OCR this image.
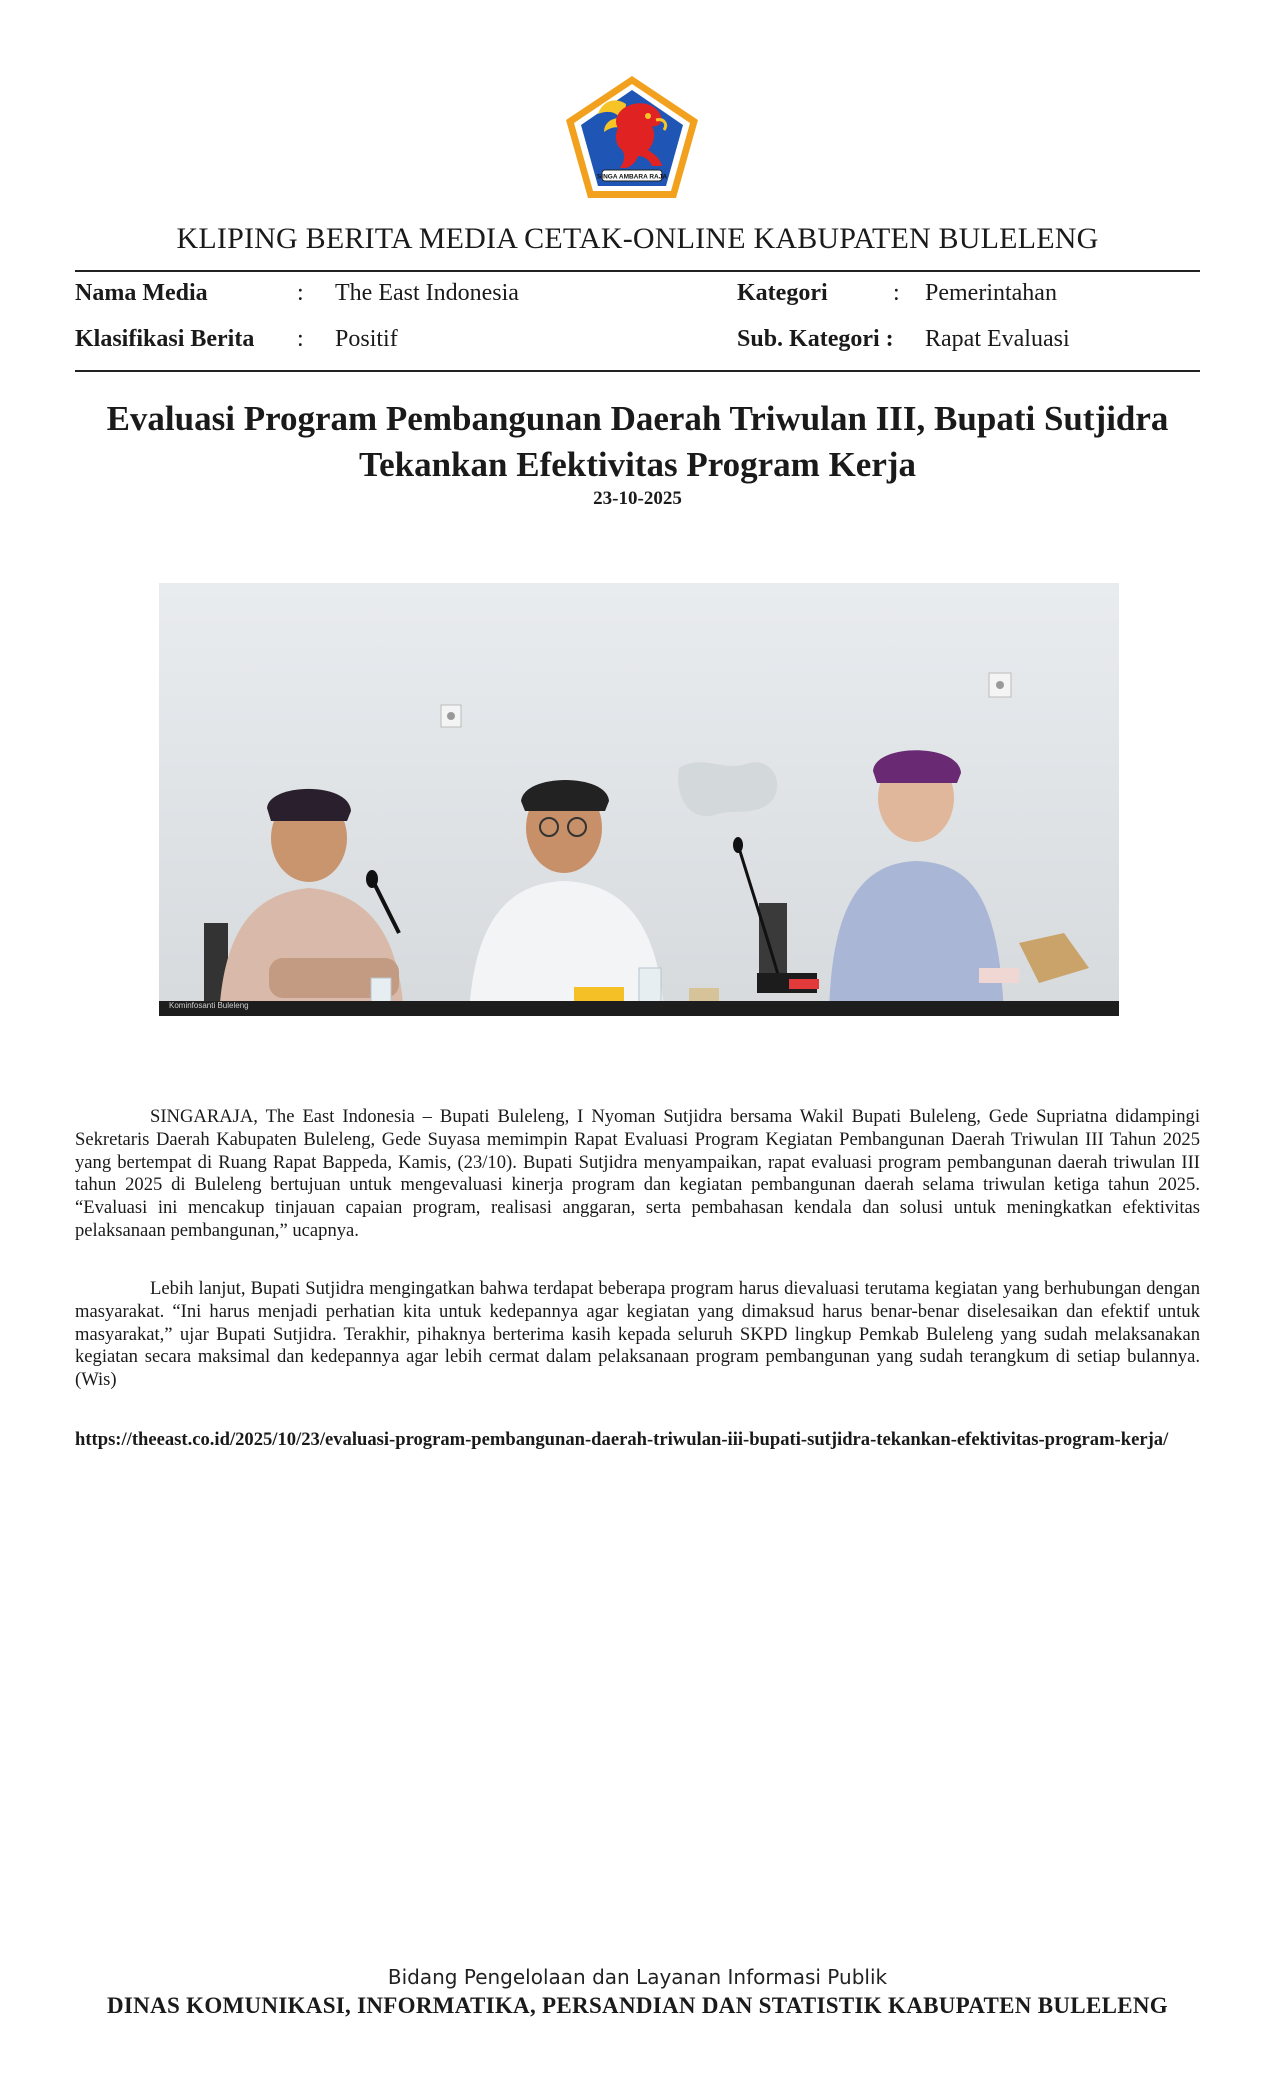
SINGA AMBARA RAJA
KLIPING BERITA MEDIA CETAK-ONLINE KABUPATEN BULELENG
Nama Media	: The East Indonesia	Kategori	: Pemerintahan
Klasifikasi Berita : Positif	Sub. Kategori : Rapat Evaluasi
Evaluasi Program Pembangunan Daerah Triwulan III, Bupati Sutjidra
Tekankan Efektivitas Program Kerja
23-10-2025
Kominfosanti Buleleng

SINGARAJA, The East Indonesia – Bupati Buleleng, I Nyoman Sutjidra bersama Wakil Bupati Buleleng, Gede Supriatna didampingi Sekretaris Daerah Kabupaten Buleleng, Gede Suyasa memimpin Rapat Evaluasi Program Kegiatan Pembangunan Daerah Triwulan III Tahun 2025 yang bertempat di Ruang Rapat Bappeda, Kamis, (23/10). Bupati Sutjidra menyampaikan, rapat evaluasi program pembangunan daerah triwulan III tahun 2025 di Buleleng bertujuan untuk mengevaluasi kinerja program dan kegiatan pembangunan daerah selama triwulan ketiga tahun 2025. “Evaluasi ini mencakup tinjauan capaian program, realisasi anggaran, serta pembahasan kendala dan solusi untuk meningkatkan efektivitas pelaksanaan pembangunan,” ucapnya.

Lebih lanjut, Bupati Sutjidra mengingatkan bahwa terdapat beberapa program harus dievaluasi terutama kegiatan yang berhubungan dengan masyarakat. “Ini harus menjadi perhatian kita untuk kedepannya agar kegiatan yang dimaksud harus benar-benar diselesaikan dan efektif untuk masyarakat,” ujar Bupati Sutjidra. Terakhir, pihaknya berterima kasih kepada seluruh SKPD lingkup Pemkab Buleleng yang sudah melaksanakan kegiatan secara maksimal dan kedepannya agar lebih cermat dalam pelaksanaan program pembangunan yang sudah terangkum di setiap bulannya.(Wis)

https://theeast.co.id/2025/10/23/evaluasi-program-pembangunan-daerah-triwulan-iii-bupati-sutjidra-tekankan-efektivitas-program-kerja/
Bidang Pengelolaan dan Layanan Informasi Publik
DINAS KOMUNIKASI, INFORMATIKA, PERSANDIAN DAN STATISTIK KABUPATEN BULELENG
